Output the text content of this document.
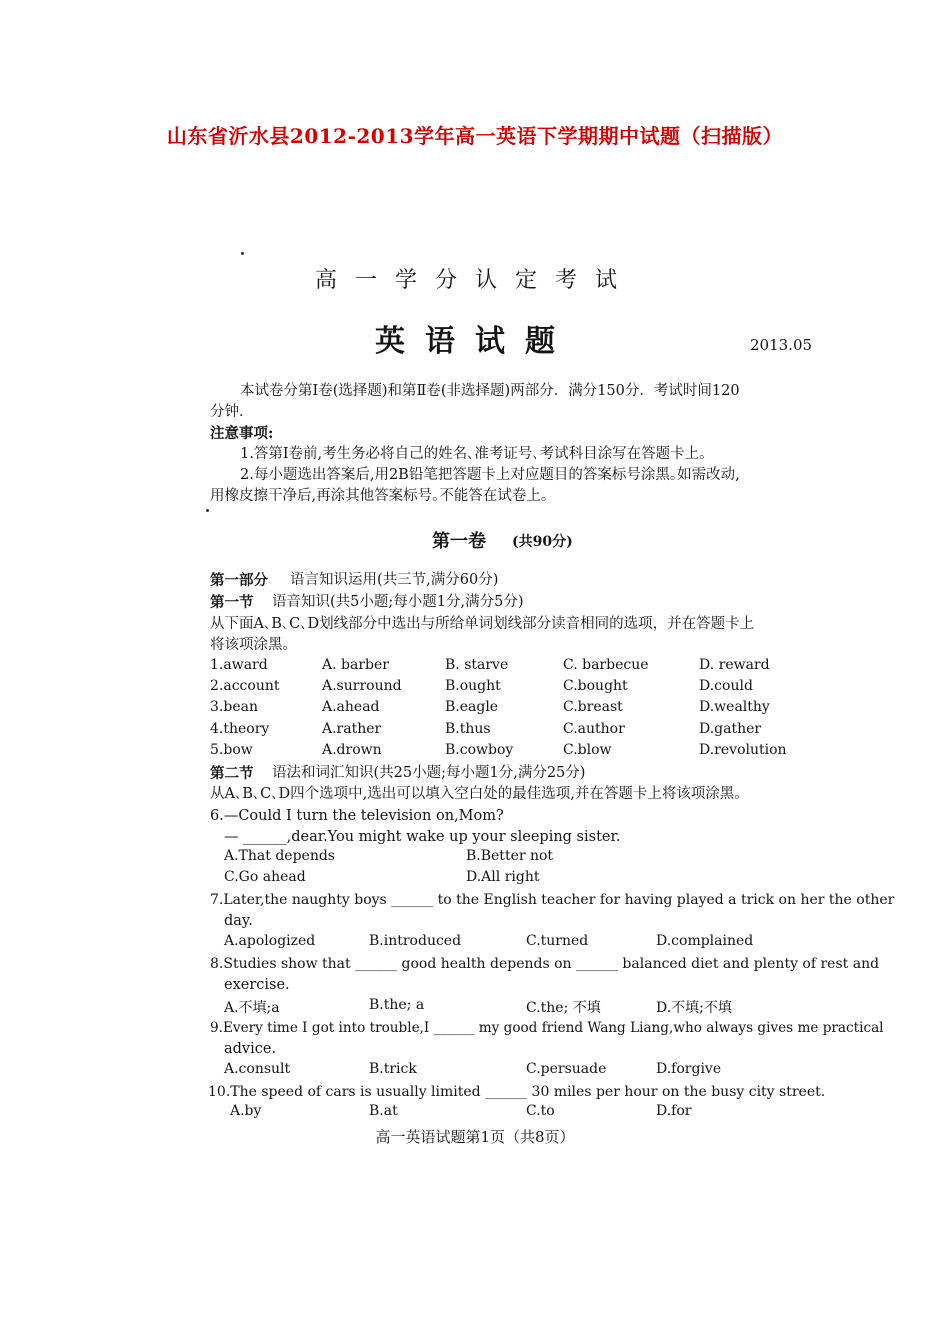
山东省沂水县2012-2013学年高一英语下学期期中试题（扫描版）
高一学分认定考试
英语试题	2013.05
本试卷分第Ⅰ卷(选择题)和第Ⅱ卷(非选择题)两部分．满分150分．考试时间120
分钟．
注意事项:
1.答第Ⅰ卷前,考生务必将自己的姓名､准考证号､考试科目涂写在答题卡上｡
2.每小题选出答案后,用2B铅笔把答题卡上对应题目的答案标号涂黑｡如需改动,
用橡皮擦干净后,再涂其他答案标号｡不能答在试卷上｡
第一卷 (共90分)
第一部分 语言知识运用(共三节,满分60分)
第一节 语音知识(共5小题;每小题1分,满分5分)
从下面A､B､C､D划线部分中选出与所给单词划线部分读音相同的选项，并在答题卡上
将该项涂黑｡
1.award	A. barber	B. starve	C. barbecue	D. reward
2.account	A.surround	B.ought	C.bought	D.could
3.bean	A.ahead	B.eagle	C.breast	D.wealthy
4.theory	A.rather	B.thus	C.author	D.gather
5.bow	A.drown	B.cowboy	C.blow	D.revolution
第二节 语法和词汇知识(共25小题;每小题1分,满分25分)
从A､B､C､D四个选项中,选出可以填入空白处的最佳选项,并在答题卡上将该项涂黑｡
6.—Could I turn the television on,Mom?
— ______,dear.You might wake up your sleeping sister.
A.That depends	B.Better not
C.Go ahead	D.All right
7.Later,the naughty boys ______ to the English teacher for having played a trick on her the other
day.
A.apologized	B.introduced	C.turned	D.complained
8.Studies show that ______ good health depends on ______ balanced diet and plenty of rest and
exercise.
A.不填;a	B.the; a	C.the; 不填	D.不填;不填
9.Every time I got into trouble,I ______ my good friend Wang Liang,who always gives me practical
advice.
A.consult	B.trick	C.persuade	D.forgive
10.The speed of cars is usually limited ______ 30 miles per hour on the busy city street.
A.by	B.at	C.to	D.for
高一英语试题第1页（共8页）
